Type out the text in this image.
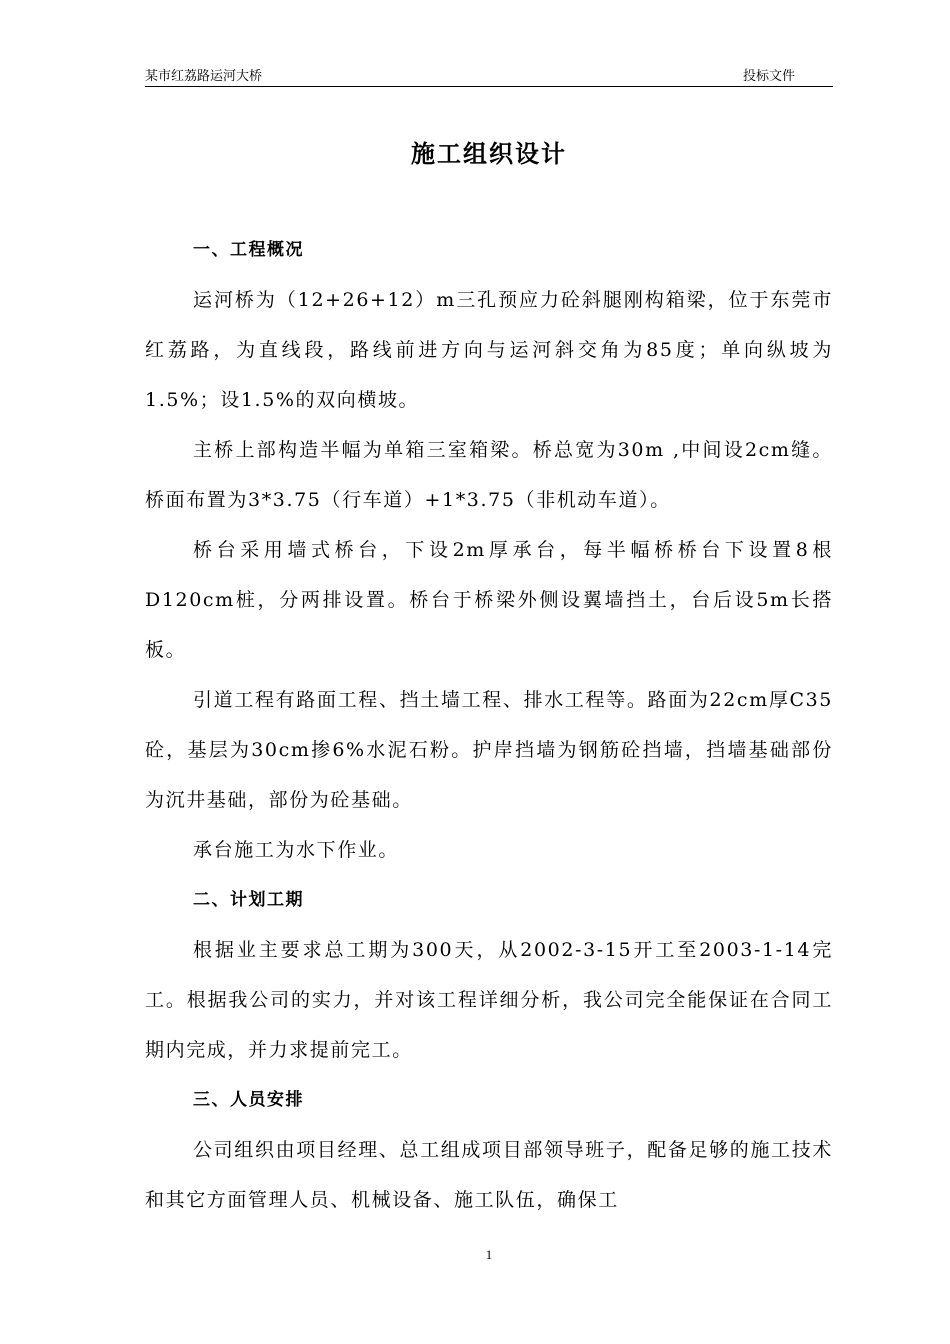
某市红荔路运河大桥	投标文件
施工组织设计
一、工程概况

运河桥为（12+26+12）m三孔预应力砼斜腿刚构箱梁，位于东莞市红荔路，为直线段，路线前进方向与运河斜交角为85度；单向纵坡为1.5%；设1.5%的双向横坡。

主桥上部构造半幅为单箱三室箱梁。桥总宽为30m ,中间设2cm缝。桥面布置为3*3.75（行车道）+1*3.75（非机动车道）。

桥台采用墙式桥台，下设2m厚承台，每半幅桥桥台下设置8根D120cm桩，分两排设置。桥台于桥梁外侧设翼墙挡土，台后设5m长搭板。

引道工程有路面工程、挡土墙工程、排水工程等。路面为22cm厚C35砼，基层为30cm掺6%水泥石粉。护岸挡墙为钢筋砼挡墙，挡墙基础部份为沉井基础，部份为砼基础。

承台施工为水下作业。

二、计划工期

根据业主要求总工期为300天，从2002-3-15开工至2003-1-14完工。根据我公司的实力，并对该工程详细分析，我公司完全能保证在合同工期内完成，并力求提前完工。

三、人员安排

公司组织由项目经理、总工组成项目部领导班子，配备足够的施工技术和其它方面管理人员、机械设备、施工队伍，确保工

1
